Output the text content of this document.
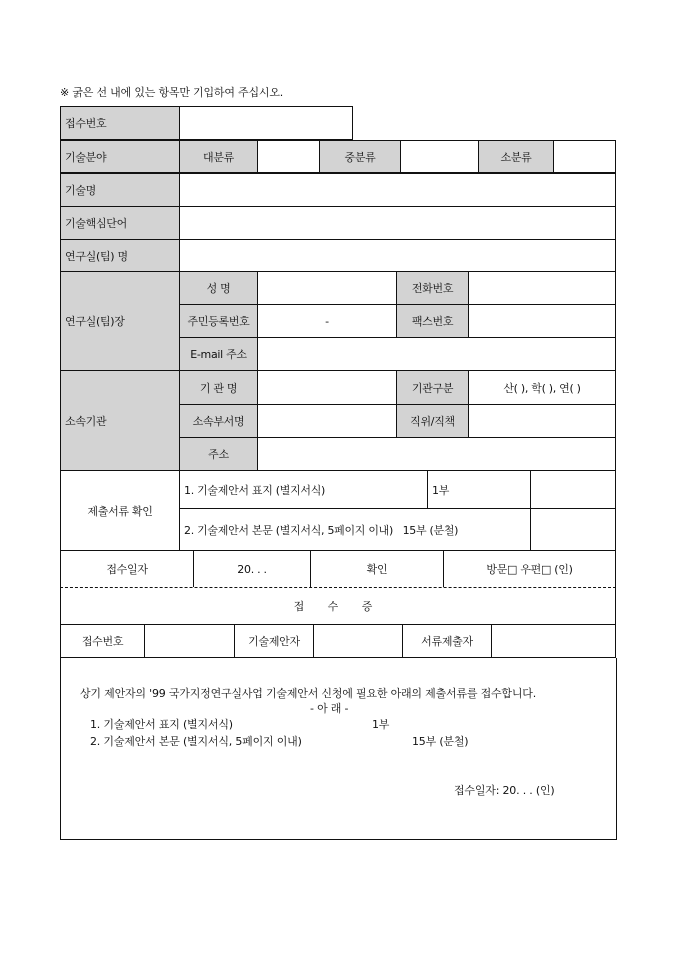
※ 굵은 선 내에 있는 항목만 기입하여 주십시오.
접수번호	
기술분야	대분류		중분류		소분류	
기술명	
기술핵심단어	
연구실(팀) 명	
연구실(팀)장	성 명		전화번호	
	주민등록번호	-	팩스번호	
	E-mail 주소			
소속기관	기 관 명		기관구분	산( ), 학( ), 연( )
	소속부서명		직위/직책	
	주소			
제출서류 확인	1. 기술제안서 표지 (별지서식)	1부	
	2. 기술제안서 본문 (별지서식, 5페이지 이내) 15부 (분철)		
접수일자	20. . .	확인	방문□ 우편□ (인)
접 수 증
접수번호		기술제안자		서류제출자	
상기 제안자의 '99 국가지정연구실사업 기술제안서 신청에 필요한 아래의 제출서류를 접수합니다.
- 아 래 -
1. 기술제안서 표지 (별지서식)	1부
2. 기술제안서 본문 (별지서식, 5페이지 이내)	15부 (분철)
접수일자: 20. . . (인)
